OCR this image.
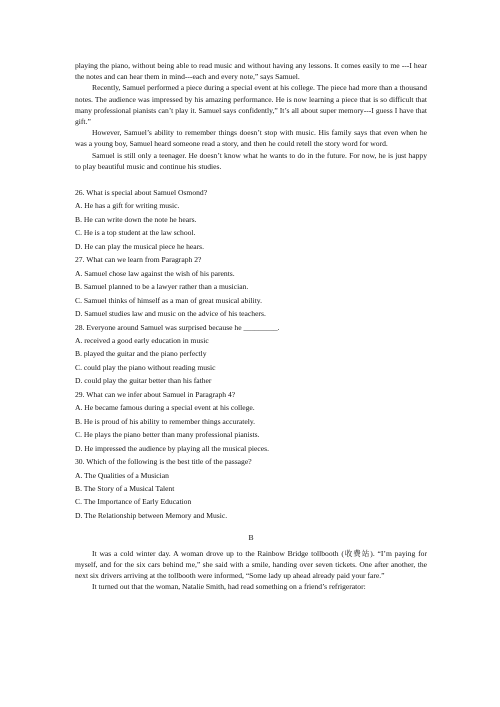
playing the piano, without being able to read music and without having any lessons. It comes easily to me ---I hear the notes and can hear them in mind---each and every note,” says Samuel.

Recently, Samuel performed a piece during a special event at his college. The piece had more than a thousand notes. The audience was impressed by his amazing performance. He is now learning a piece that is so difficult that many professional pianists can’t play it. Samuel says confidently,” It’s all about super memory---I guess I have that gift.”

However, Samuel’s ability to remember things doesn’t stop with music. His family says that even when he was a young boy, Samuel heard someone read a story, and then he could retell the story word for word.

Samuel is still only a teenager. He doesn’t know what he wants to do in the future. For now, he is just happy to play beautiful music and continue his studies.

26. What is special about Samuel Osmond?

A. He has a gift for writing music.

B. He can write down the note he hears.

C. He is a top student at the law school.

D. He can play the musical piece he hears.

27. What can we learn from Paragraph 2?

A. Samuel chose law against the wish of his parents.

B. Samuel planned to be a lawyer rather than a musician.

C. Samuel thinks of himself as a man of great musical ability.

D. Samuel studies law and music on the advice of his teachers.

28. Everyone around Samuel was surprised because he _________.

A. received a good early education in music

B. played the guitar and the piano perfectly

C. could play the piano without reading music

D. could play the guitar better than his father

29. What can we infer about Samuel in Paragraph 4?

A. He became famous during a special event at his college.

B. He is proud of his ability to remember things accurately.

C. He plays the piano better than many professional pianists.

D. He impressed the audience by playing all the musical pieces.

30. Which of the following is the best title of the passage?

A. The Qualities of a Musician

B. The Story of a Musical Talent

C. The Importance of Early Education

D. The Relationship between Memory and Music.

B

It was a cold winter day. A woman drove up to the Rainbow Bridge tollbooth (收费站). “I’m paying for myself, and for the six cars behind me,” she said with a smile, handing over seven tickets. One after another, the next six drivers arriving at the tollbooth were informed, “Some lady up ahead already paid your fare.”

It turned out that the woman, Natalie Smith, had read something on a friend’s refrigerator:
